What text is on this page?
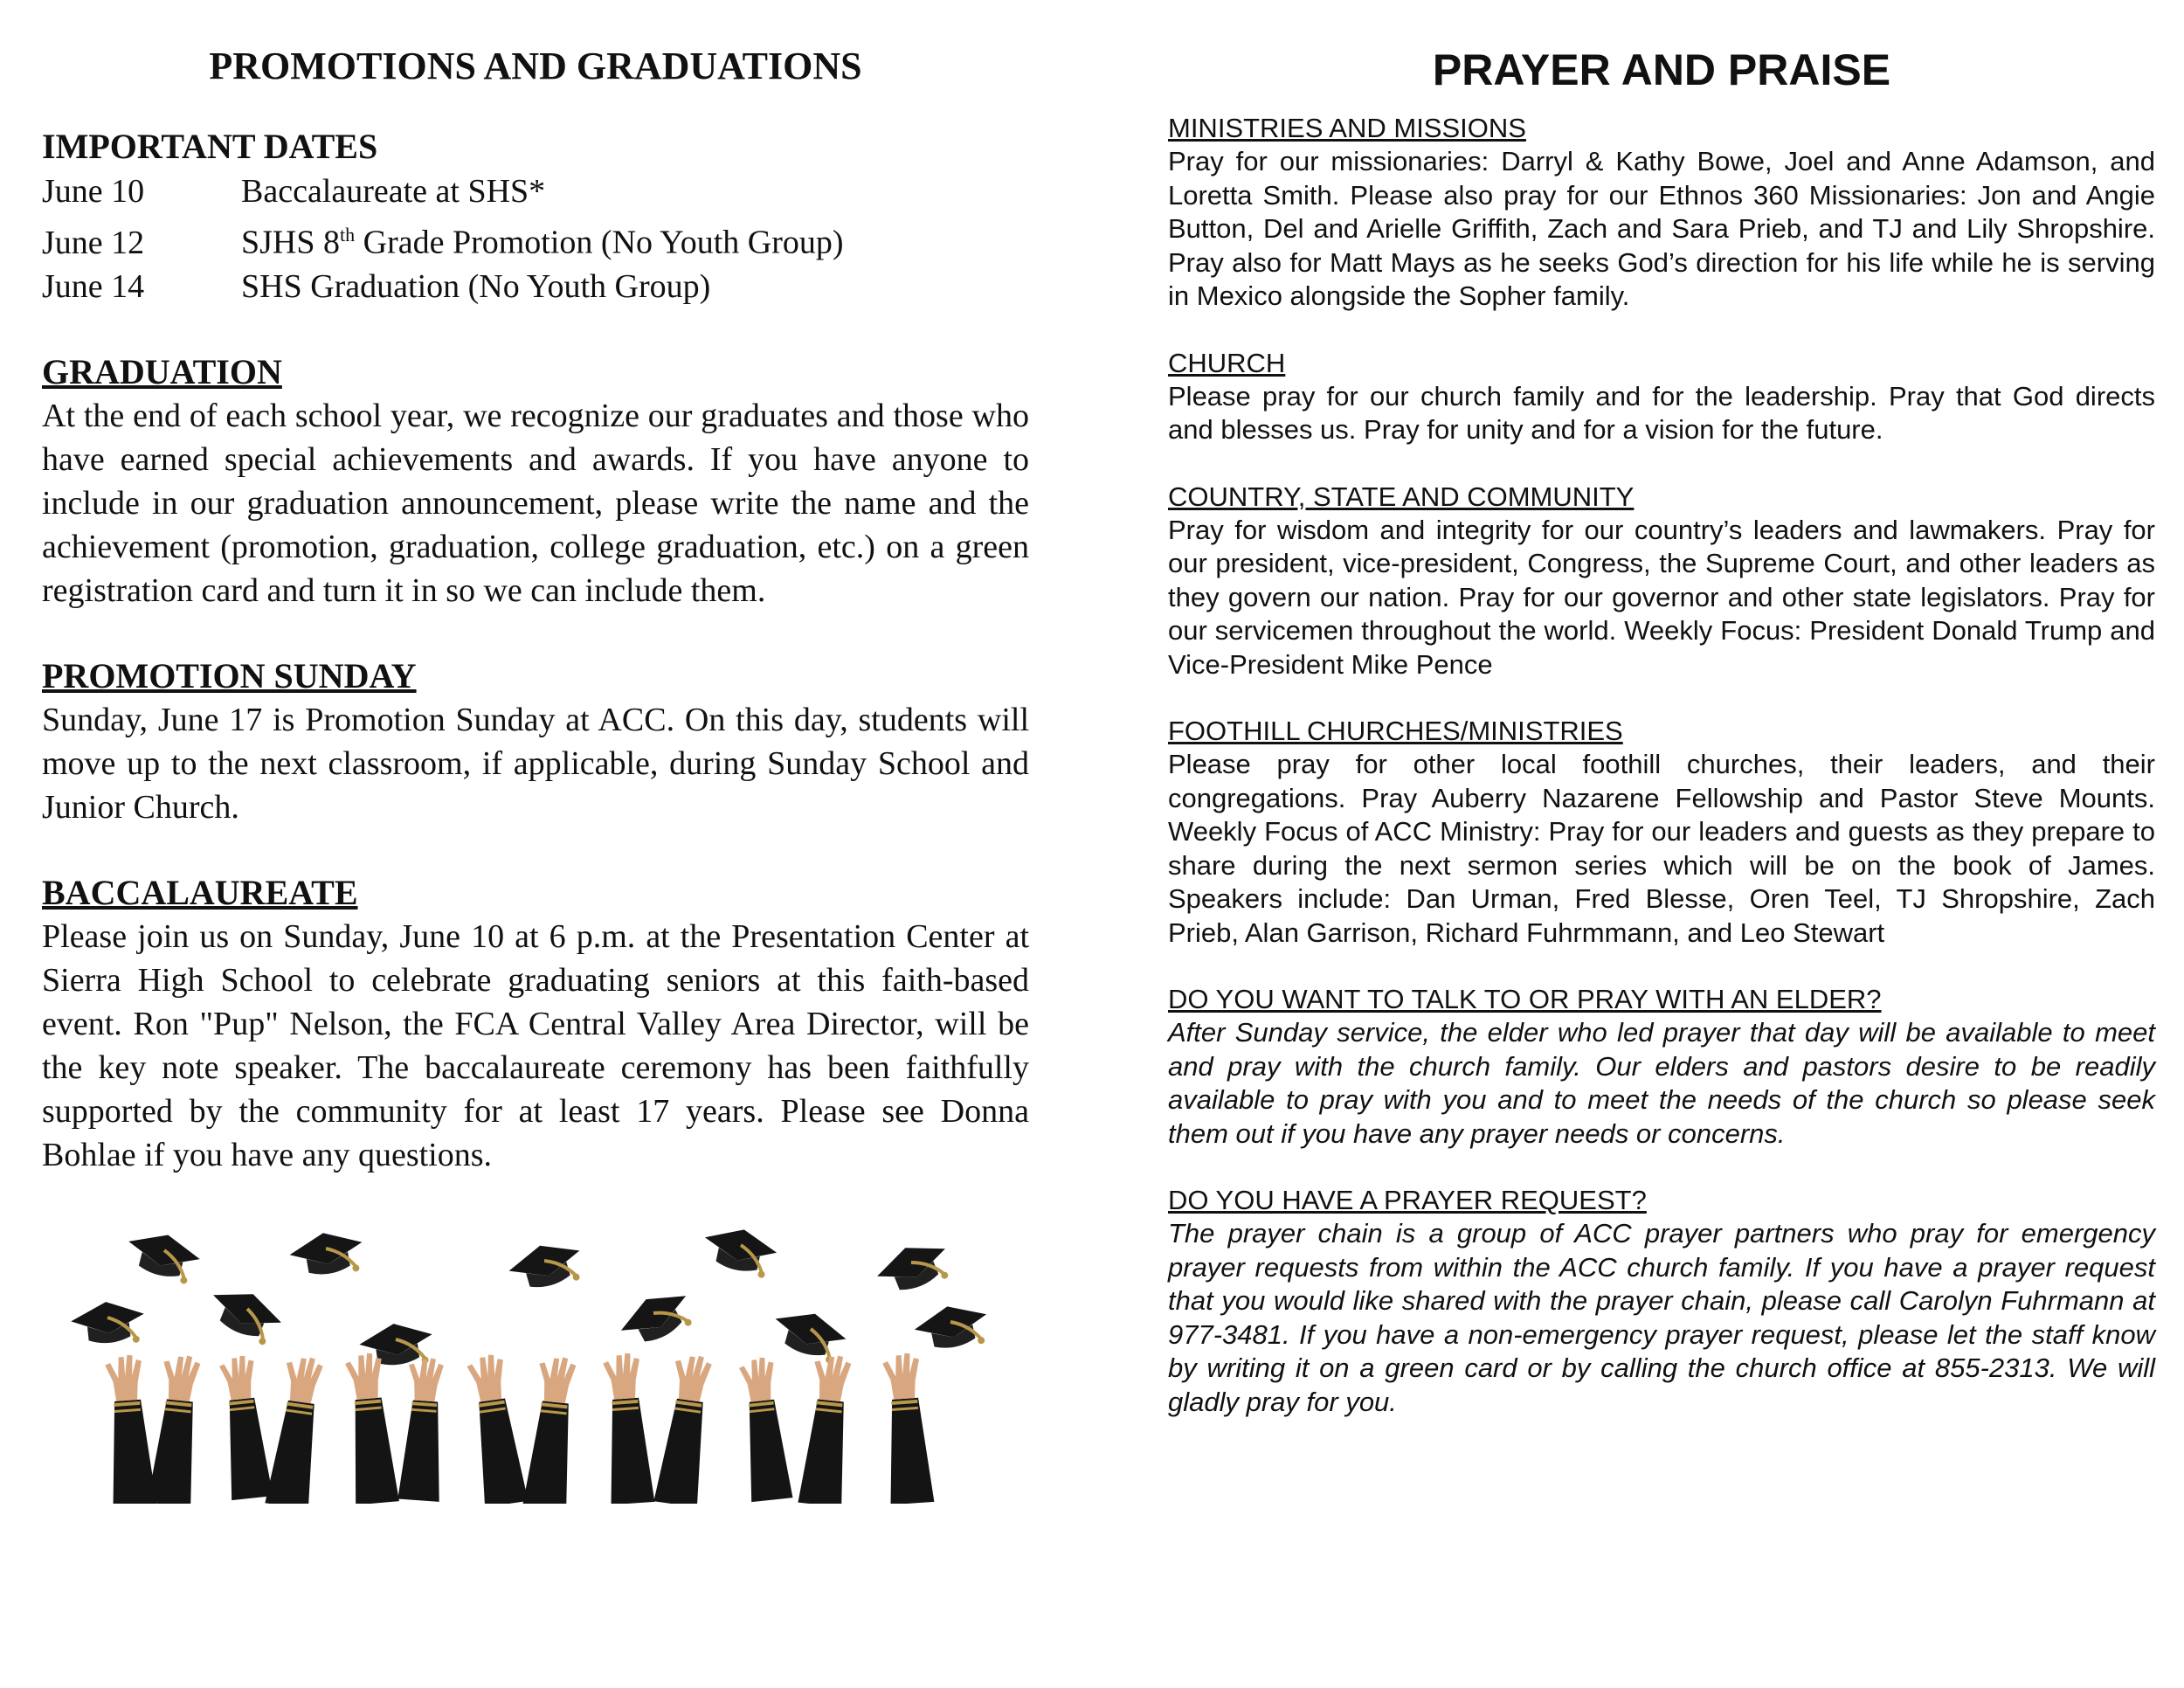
PROMOTIONS AND GRADUATIONS
IMPORTANT DATES
June 10	Baccalaureate at SHS*
June 12	SJHS 8th Grade Promotion (No Youth Group)
June 14	SHS Graduation (No Youth Group)
GRADUATION
At the end of each school year, we recognize our graduates and those who have earned special achievements and awards. If you have anyone to include in our graduation announcement, please write the name and the achievement (promotion, graduation, college graduation, etc.) on a green registration card and turn it in so we can include them.
PROMOTION SUNDAY
Sunday, June 17 is Promotion Sunday at ACC. On this day, students will move up to the next classroom, if applicable, during Sunday School and Junior Church.
BACCALAUREATE
Please join us on Sunday, June 10 at 6 p.m. at the Presentation Center at Sierra High School to celebrate graduating seniors at this faith-based event. Ron "Pup" Nelson, the FCA Central Valley Area Director, will be the key note speaker. The baccalaureate ceremony has been faithfully supported by the community for at least 17 years. Please see Donna Bohlae if you have any questions.
PRAYER AND PRAISE
MINISTRIES AND MISSIONS
Pray for our missionaries: Darryl & Kathy Bowe, Joel and Anne Adamson, and Loretta Smith. Please also pray for our Ethnos 360 Missionaries: Jon and Angie Button, Del and Arielle Griffith, Zach and Sara Prieb, and TJ and Lily Shropshire. Pray also for Matt Mays as he seeks God’s direction for his life while he is serving in Mexico alongside the Sopher family.
CHURCH
Please pray for our church family and for the leadership. Pray that God directs and blesses us. Pray for unity and for a vision for the future.
COUNTRY, STATE AND COMMUNITY
Pray for wisdom and integrity for our country’s leaders and lawmakers. Pray for our president, vice-president, Congress, the Supreme Court, and other leaders as they govern our nation. Pray for our governor and other state legislators. Pray for our servicemen throughout the world. Weekly Focus: President Donald Trump and Vice-President Mike Pence
FOOTHILL CHURCHES/MINISTRIES
Please pray for other local foothill churches, their leaders, and their congregations. Pray Auberry Nazarene Fellowship and Pastor Steve Mounts. Weekly Focus of ACC Ministry: Pray for our leaders and guests as they prepare to share during the next sermon series which will be on the book of James. Speakers include: Dan Urman, Fred Blesse, Oren Teel, TJ Shropshire, Zach Prieb, Alan Garrison, Richard Fuhrmmann, and Leo Stewart
DO YOU WANT TO TALK TO OR PRAY WITH AN ELDER?
After Sunday service, the elder who led prayer that day will be available to meet and pray with the church family. Our elders and pastors desire to be readily available to pray with you and to meet the needs of the church so please seek them out if you have any prayer needs or concerns.
DO YOU HAVE A PRAYER REQUEST?
The prayer chain is a group of ACC prayer partners who pray for emergency prayer requests from within the ACC church family. If you have a prayer request that you would like shared with the prayer chain, please call Carolyn Fuhrmann at 977-3481. If you have a non-emergency prayer request, please let the staff know by writing it on a green card or by calling the church office at 855-2313. We will gladly pray for you.
